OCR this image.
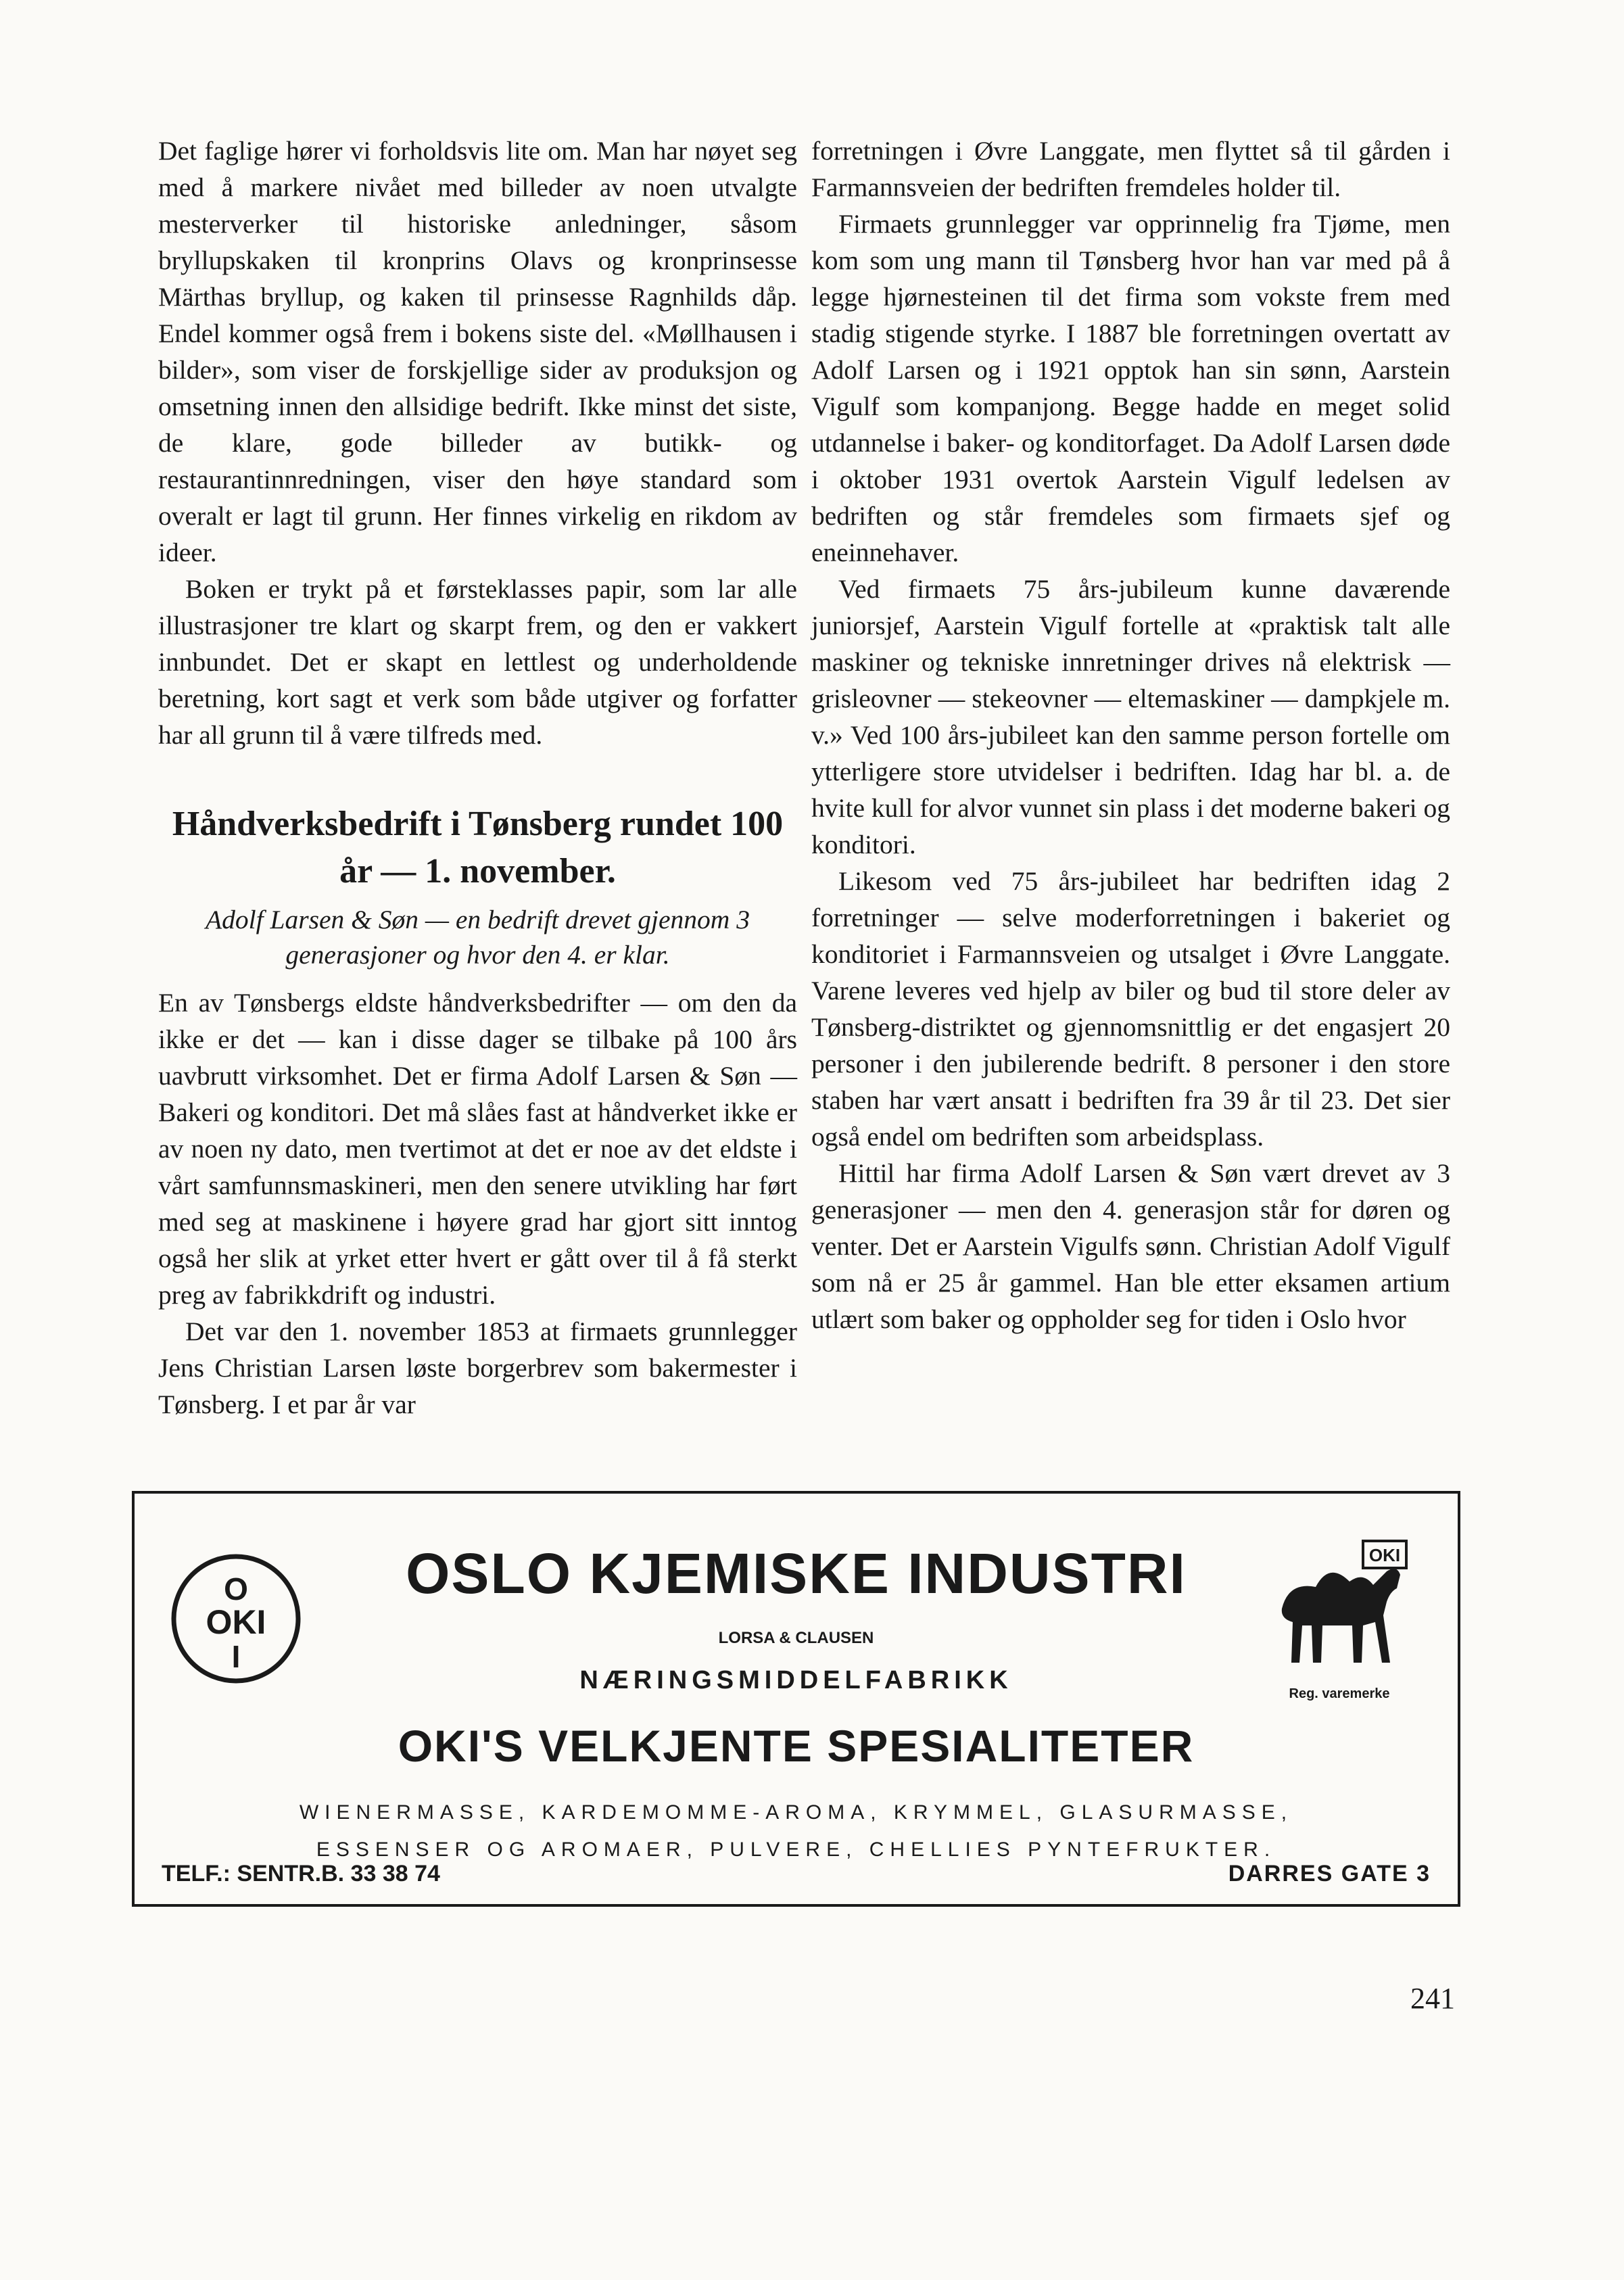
Det faglige hører vi forholdsvis lite om. Man har nøyet seg med å markere nivået med billeder av noen utvalgte mesterverker til historiske anledninger, såsom bryllupskaken til kronprins Olavs og kronprinsesse Märthas bryllup, og kaken til prinsesse Ragnhilds dåp. Endel kommer også frem i bokens siste del. «Møllhausen i bilder», som viser de forskjellige sider av produksjon og omsetning innen den allsidige bedrift. Ikke minst det siste, de klare, gode billeder av butikk- og restaurantinnredningen, viser den høye standard som overalt er lagt til grunn. Her finnes virkelig en rikdom av ideer.

Boken er trykt på et førsteklasses papir, som lar alle illustrasjoner tre klart og skarpt frem, og den er vakkert innbundet. Det er skapt en lettlest og underholdende beretning, kort sagt et verk som både utgiver og forfatter har all grunn til å være tilfreds med.

Håndverksbedrift i Tønsberg rundet 100 år — 1. november.
Adolf Larsen & Søn — en bedrift drevet gjennom 3 generasjoner og hvor den 4. er klar.

En av Tønsbergs eldste håndverksbedrifter — om den da ikke er det — kan i disse dager se tilbake på 100 års uavbrutt virksomhet. Det er firma Adolf Larsen & Søn — Bakeri og konditori. Det må slåes fast at håndverket ikke er av noen ny dato, men tvertimot at det er noe av det eldste i vårt samfunnsmaskineri, men den senere utvikling har ført med seg at maskinene i høyere grad har gjort sitt inntog også her slik at yrket etter hvert er gått over til å få sterkt preg av fabrikkdrift og industri.

Det var den 1. november 1853 at firmaets grunnlegger Jens Christian Larsen løste borgerbrev som bakermester i Tønsberg. I et par år var

forretningen i Øvre Langgate, men flyttet så til gården i Farmannsveien der bedriften fremdeles holder til.

Firmaets grunnlegger var opprinnelig fra Tjøme, men kom som ung mann til Tønsberg hvor han var med på å legge hjørnesteinen til det firma som vokste frem med stadig stigende styrke. I 1887 ble forretningen overtatt av Adolf Larsen og i 1921 opptok han sin sønn, Aarstein Vigulf som kompanjong. Begge hadde en meget solid utdannelse i baker- og konditorfaget. Da Adolf Larsen døde i oktober 1931 overtok Aarstein Vigulf ledelsen av bedriften og står fremdeles som firmaets sjef og eneinnehaver.

Ved firmaets 75 års-jubileum kunne daværende juniorsjef, Aarstein Vigulf fortelle at «praktisk talt alle maskiner og tekniske innretninger drives nå elektrisk — grisleovner — stekeovner — eltemaskiner — dampkjele m. v.» Ved 100 års-jubileet kan den samme person fortelle om ytterligere store utvidelser i bedriften. Idag har bl. a. de hvite kull for alvor vunnet sin plass i det moderne bakeri og konditori.

Likesom ved 75 års-jubileet har bedriften idag 2 forretninger — selve moderforretningen i bakeriet og konditoriet i Farmannsveien og utsalget i Øvre Langgate. Varene leveres ved hjelp av biler og bud til store deler av Tønsberg-distriktet og gjennomsnittlig er det engasjert 20 personer i den jubilerende bedrift. 8 personer i den store staben har vært ansatt i bedriften fra 39 år til 23. Det sier også endel om bedriften som arbeidsplass.

Hittil har firma Adolf Larsen & Søn vært drevet av 3 generasjoner — men den 4. generasjon står for døren og venter. Det er Aarstein Vigulfs sønn. Christian Adolf Vigulf som nå er 25 år gammel. Han ble etter eksamen artium utlært som baker og oppholder seg for tiden i Oslo hvor

O
OKI
I
OSLO KJEMISKE INDUSTRI
LORSA & CLAUSEN
NÆRINGSMIDDELFABRIKK
OKI
Reg. varemerke
OKI'S VELKJENTE SPESIALITETER
WIENERMASSE, KARDEMOMME-AROMA, KRYMMEL, GLASURMASSE,
ESSENSER OG AROMAER, PULVERE, CHELLIES PYNTEFRUKTER.
TELF.: SENTR.B. 33 38 74	DARRES GATE 3
241
